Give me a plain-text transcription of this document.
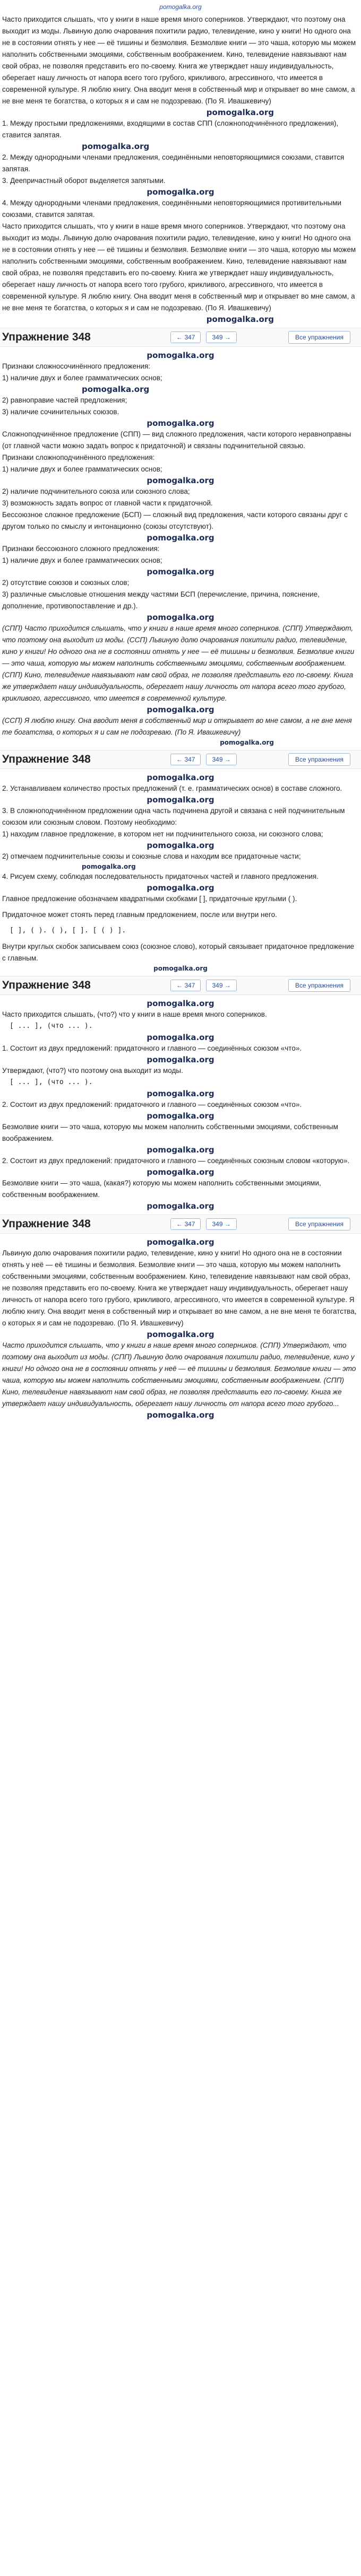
pomogalka.org

Часто приходится слышать, что у книги в наше время много соперников. Утверждают, что поэтому она выходит из моды. Львиную долю очарования похитили радио, телевидение, кино у книги! Но одного она не в состоянии отнять у нее — её тишины и безмолвия. Безмолвие книги — это чаша, которую мы можем наполнить собственными эмоциями, собственным воображением. Кино, телевидение навязывают нам свой образ, не позволяя представить его по-своему. Книга же утверждает нашу индивидуальность, оберегает нашу личность от напора всего того грубого, крикливого, агрессивного, что имеется в современной культуре. Я люблю книгу. Она вводит меня в собственный мир и открывает во мне самом, а не вне меня те богатства, о которых я и сам не подозреваю. (По Я. Ивашкевичу)

pomogalka.org

1. Между простыми предложениями, входящими в состав СПП (сложноподчинённого предложения), ставится запятая.

pomogalka.org

2. Между однородными членами предложения, соединёнными неповторяющимися союзами, ставится запятая.

3. Деепричастный оборот выделяется запятыми.

pomogalka.org

4. Между однородными членами предложения, соединёнными неповторяющимися противительными союзами, ставится запятая.

Часто приходится слышать, что у книги в наше время много соперников. Утверждают, что поэтому она выходит из моды. Львиную долю очарования похитили радио, телевидение, кино у книги! Но одного она не в состоянии отнять у нее — её тишины и безмолвия. Безмолвие книги — это чаша, которую мы можем наполнить собственными эмоциями, собственным воображением. Кино, телевидение навязывают нам свой образ, не позволяя представить его по-своему. Книга же утверждает нашу индивидуальность, оберегает нашу личность от напора всего того грубого, крикливого, агрессивного, что имеется в современной культуре. Я люблю книгу. Она вводит меня в собственный мир и открывает во мне самом, а не вне меня те богатства, о которых я и сам не подозреваю. (По Я. Ивашкевичу)

pomogalka.org
Упражнение 348	← 347	349 →	Все упражнения
pomogalka.org

Признаки сложносочинённого предложения:

1) наличие двух и более грамматических основ;

pomogalka.org

2) равноправие частей предложения;

3) наличие сочинительных союзов.

pomogalka.org

Сложноподчинённое предложение (СПП) — вид сложного предложения, части которого неравноправны (от главной части можно задать вопрос к придаточной) и связаны подчинительной связью.

Признаки сложноподчинённого предложения:

1) наличие двух и более грамматических основ;

pomogalka.org

2) наличие подчинительного союза или союзного слова;

3) возможность задать вопрос от главной части к придаточной.

Бессоюзное сложное предложение (БСП) — сложный вид предложения, части которого связаны друг с другом только по смыслу и интонационно (союзы отсутствуют).

pomogalka.org

Признаки бессоюзного сложного предложения:

1) наличие двух и более грамматических основ;

pomogalka.org

2) отсутствие союзов и союзных слов;

3) различные смысловые отношения между частями БСП (перечисление, причина, пояснение, дополнение, противопоставление и др.).

pomogalka.org

(СПП) Часто приходится слышать, что у книги в наше время много соперников. (СПП) Утверждают, что поэтому она выходит из моды. (ССП) Львиную долю очарования похитили радио, телевидение, кино у книги! Но одного она не в состоянии отнять у нее — её тишины и безмолвия. Безмолвие книги — это чаша, которую мы можем наполнить собственными эмоциями, собственным воображением. (СПП) Кино, телевидение навязывают нам свой образ, не позволяя представить его по-своему. Книга же утверждает нашу индивидуальность, оберегает нашу личность от напора всего того грубого, крикливого, агрессивного, что имеется в современной культуре.

pomogalka.org

(ССП) Я люблю книгу. Она вводит меня в собственный мир и открывает во мне самом, а не вне меня те богатства, о которых я и сам не подозреваю. (По Я. Ивашкевичу)

pomogalka.org
Упражнение 348	← 347	349 →	Все упражнения
pomogalka.org

2. Устанавливаем количество простых предложений (т. е. грамматических основ) в составе сложного.

pomogalka.org

3. В сложноподчинённом предложении одна часть подчинена другой и связана с ней подчинительным союзом или союзным словом. Поэтому необходимо:

1) находим главное предложение, в котором нет ни подчинительного союза, ни союзного слова;

pomogalka.org

2) отмечаем подчинительные союзы и союзные слова и находим все придаточные части;

pomogalka.org

4. Рисуем схему, соблюдая последовательность придаточных частей и главного предложения.

pomogalka.org

Главное предложение обозначаем квадратными скобками [ ], придаточные круглыми ( ).

Придаточное может стоять перед главным предложением, после или внутри него.

[ ], ( ). ( ), [ ]. [ ( ) ].

Внутри круглых скобок записываем союз (союзное слово), который связывает придаточное предложение с главным.

pomogalka.org
Упражнение 348	← 347	349 →	Все упражнения
pomogalka.org

Часто приходится слышать, (что?) что у книги в наше время много соперников.

[ ... ], (что ... ).

pomogalka.org

1. Состоит из двух предложений: придаточного и главного — соединённых союзом «что».

pomogalka.org

Утверждают, (что?) что поэтому она выходит из моды.

[ ... ], (что ... ).

pomogalka.org

2. Состоит из двух предложений: придаточного и главного — соединённых союзом «что».

pomogalka.org

Безмолвие книги — это чаша, которую мы можем наполнить собственными эмоциями, собственным воображением.

pomogalka.org

2. Состоит из двух предложений: придаточного и главного — соединённых союзным словом «которую».

pomogalka.org

Безмолвие книги — это чаша, (какая?) которую мы можем наполнить собственными эмоциями, собственным воображением.

pomogalka.org
Упражнение 348	← 347	349 →	Все упражнения
pomogalka.org

Львиную долю очарования похитили радио, телевидение, кино у книги! Но одного она не в состоянии отнять у неё — её тишины и безмолвия. Безмолвие книги — это чаша, которую мы можем наполнить собственными эмоциями, собственным воображением. Кино, телевидение навязывают нам свой образ, не позволяя представить его по-своему. Книга же утверждает нашу индивидуальность, оберегает нашу личность от напора всего того грубого, крикливого, агрессивного, что имеется в современной культуре. Я люблю книгу. Она вводит меня в собственный мир и открывает во мне самом, а не вне меня те богатства, о которых я и сам не подозреваю. (По Я. Ивашкевичу)

pomogalka.org

Часто приходится слышать, что у книги в наше время много соперников. (СПП) Утверждают, что поэтому она выходит из моды. (СПП) Львиную долю очарования похитили радио, телевидение, кино у книги! Но одного она не в состоянии отнять у неё — её тишины и безмолвия. Безмолвие книги — это чаша, которую мы можем наполнить собственными эмоциями, собственным воображением. (СПП) Кино, телевидение навязывают нам свой образ, не позволяя представить его по-своему. Книга же утверждает нашу индивидуальность, оберегает нашу личность от напора всего того грубого...

pomogalka.org
